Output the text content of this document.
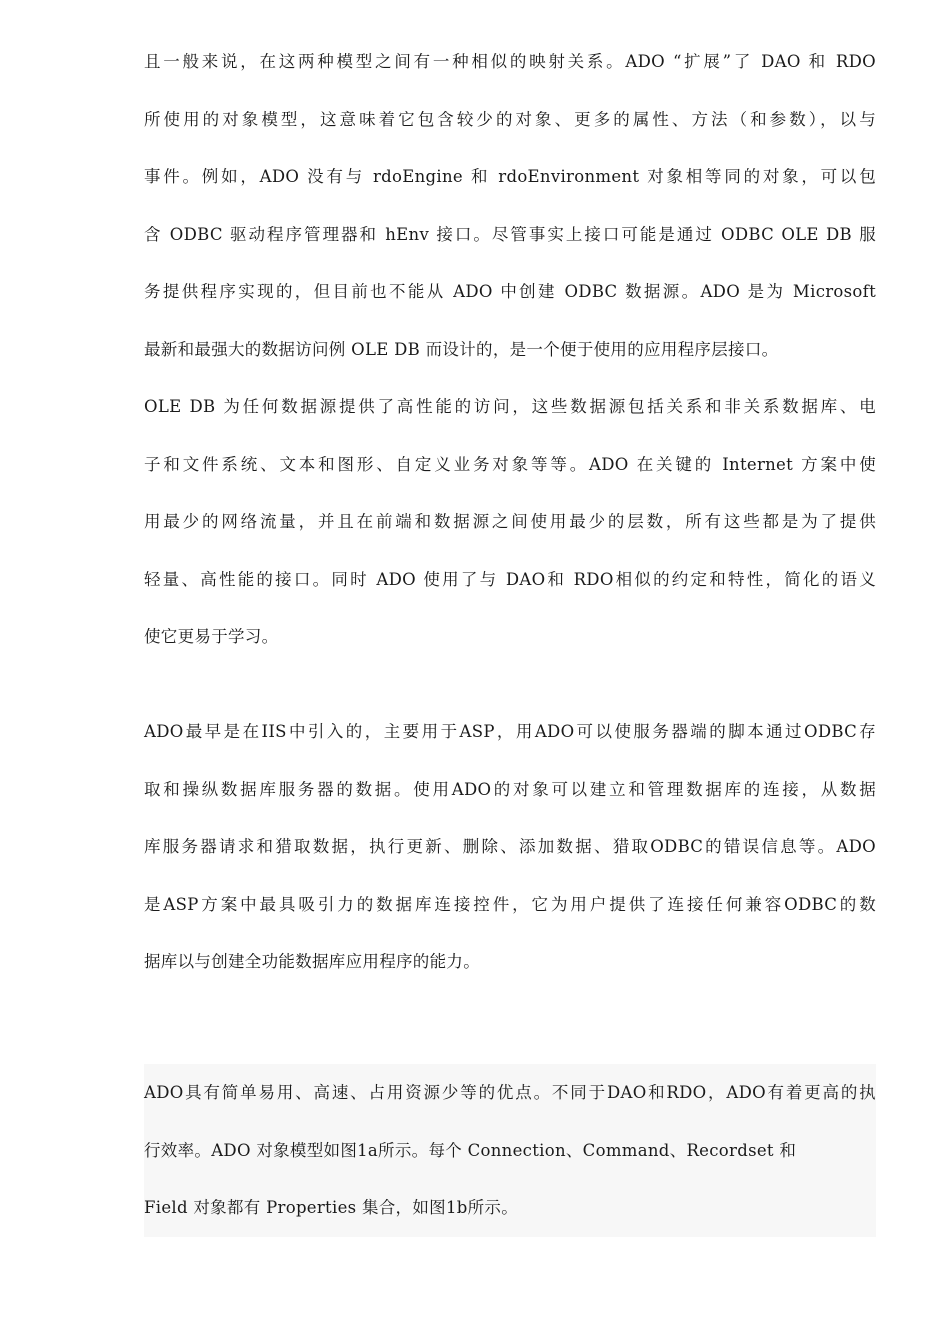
且一般来说，在这两种模型之间有一种相似的映射关系。ADO “扩展”了 DAO 和 RDO
所使用的对象模型，这意味着它包含较少的对象、更多的属性、方法（和参数），以与
事件。例如，ADO 没有与 rdoEngine 和 rdoEnvironment 对象相等同的对象，可以包
含 ODBC 驱动程序管理器和 hEnv 接口。尽管事实上接口可能是通过 ODBC OLE DB 服
务提供程序实现的，但目前也不能从 ADO 中创建 ODBC 数据源。ADO 是为 Microsoft
最新和最强大的数据访问例 OLE DB 而设计的，是一个便于使用的应用程序层接口。
OLE DB 为任何数据源提供了高性能的访问，这些数据源包括关系和非关系数据库、电
子和文件系统、文本和图形、自定义业务对象等等。ADO 在关键的 Internet 方案中使
用最少的网络流量，并且在前端和数据源之间使用最少的层数，所有这些都是为了提供
轻量、高性能的接口。同时 ADO 使用了与 DAO和 RDO相似的约定和特性，简化的语义
使它更易于学习。
ADO最早是在IIS中引入的，主要用于ASP，用ADO可以使服务器端的脚本通过ODBC存
取和操纵数据库服务器的数据。使用ADO的对象可以建立和管理数据库的连接，从数据
库服务器请求和猎取数据，执行更新、删除、添加数据、猎取ODBC的错误信息等。ADO
是ASP方案中最具吸引力的数据库连接控件，它为用户提供了连接任何兼容ODBC的数
据库以与创建全功能数据库应用程序的能力。
ADO具有简单易用、高速、占用资源少等的优点。不同于DAO和RDO，ADO有着更高的执
行效率。ADO 对象模型如图1a所示。每个 Connection、Command、Recordset 和
Field 对象都有 Properties 集合，如图1b所示。
